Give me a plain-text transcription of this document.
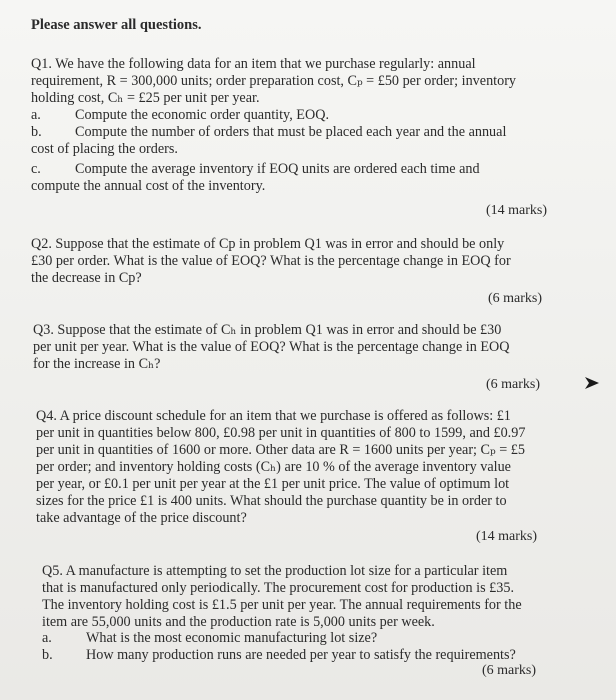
Please answer all questions.
Q1. We have the following data for an item that we purchase regularly: annual
requirement, R = 300,000 units; order preparation cost, Cₚ = £50 per order; inventory
holding cost, Cₕ = £25 per unit per year.
a. Compute the economic order quantity, EOQ.
b. Compute the number of orders that must be placed each year and the annual
cost of placing the orders.
c. Compute the average inventory if EOQ units are ordered each time and
compute the annual cost of the inventory.
(14 marks)
Q2. Suppose that the estimate of Cp in problem Q1 was in error and should be only
£30 per order. What is the value of EOQ? What is the percentage change in EOQ for
the decrease in Cp?
(6 marks)
Q3. Suppose that the estimate of Cₕ in problem Q1 was in error and should be £30
per unit per year. What is the value of EOQ? What is the percentage change in EOQ
for the increase in Cₕ?
(6 marks)
Q4. A price discount schedule for an item that we purchase is offered as follows: £1
per unit in quantities below 800, £0.98 per unit in quantities of 800 to 1599, and £0.97
per unit in quantities of 1600 or more. Other data are R = 1600 units per year; Cₚ = £5
per order; and inventory holding costs (Cₕ) are 10 % of the average inventory value
per year, or £0.1 per unit per year at the £1 per unit price. The value of optimum lot
sizes for the price £1 is 400 units. What should the purchase quantity be in order to
take advantage of the price discount?
(14 marks)
Q5. A manufacture is attempting to set the production lot size for a particular item
that is manufactured only periodically. The procurement cost for production is £35.
The inventory holding cost is £1.5 per unit per year. The annual requirements for the
item are 55,000 units and the production rate is 5,000 units per week.
a. What is the most economic manufacturing lot size?
b. How many production runs are needed per year to satisfy the requirements?
(6 marks)
